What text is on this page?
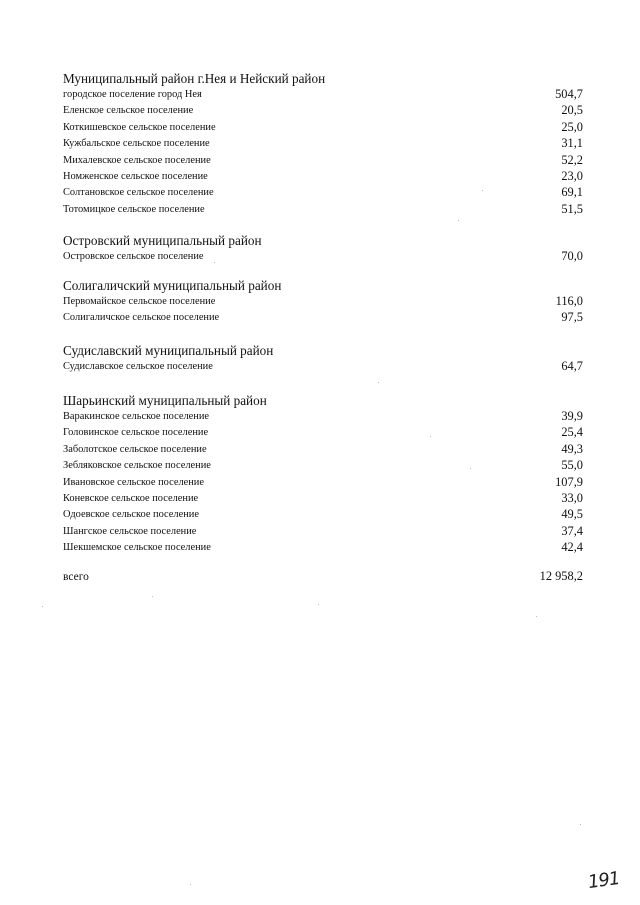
Муниципальный район г.Нея и Нейский район
городское поселение город Нея	504,7
Еленское сельское поселение	20,5
Коткишевское сельское поселение	25,0
Кужбальское сельское поселение	31,1
Михалевское сельское поселение	52,2
Номженское сельское поселение	23,0
Солтановское сельское поселение	69,1
Тотомицкое сельское поселение	51,5
Островский муниципальный район
Островское сельское поселение	70,0
Солигаличский муниципальный район
Первомайское сельское поселение	116,0
Солигаличское сельское поселение	97,5
Судиславский муниципальный район
Судиславское сельское поселение	64,7
Шарьинский муниципальный район
Варакинское сельское поселение	39,9
Головинское сельское поселение	25,4
Заболотское сельское поселение	49,3
Зебляковское сельское поселение	55,0
Ивановское сельское поселение	107,9
Коневское сельское поселение	33,0
Одоевское сельское поселение	49,5
Шангское сельское поселение	37,4
Шекшемское сельское поселение	42,4
всего	12 958,2
191
